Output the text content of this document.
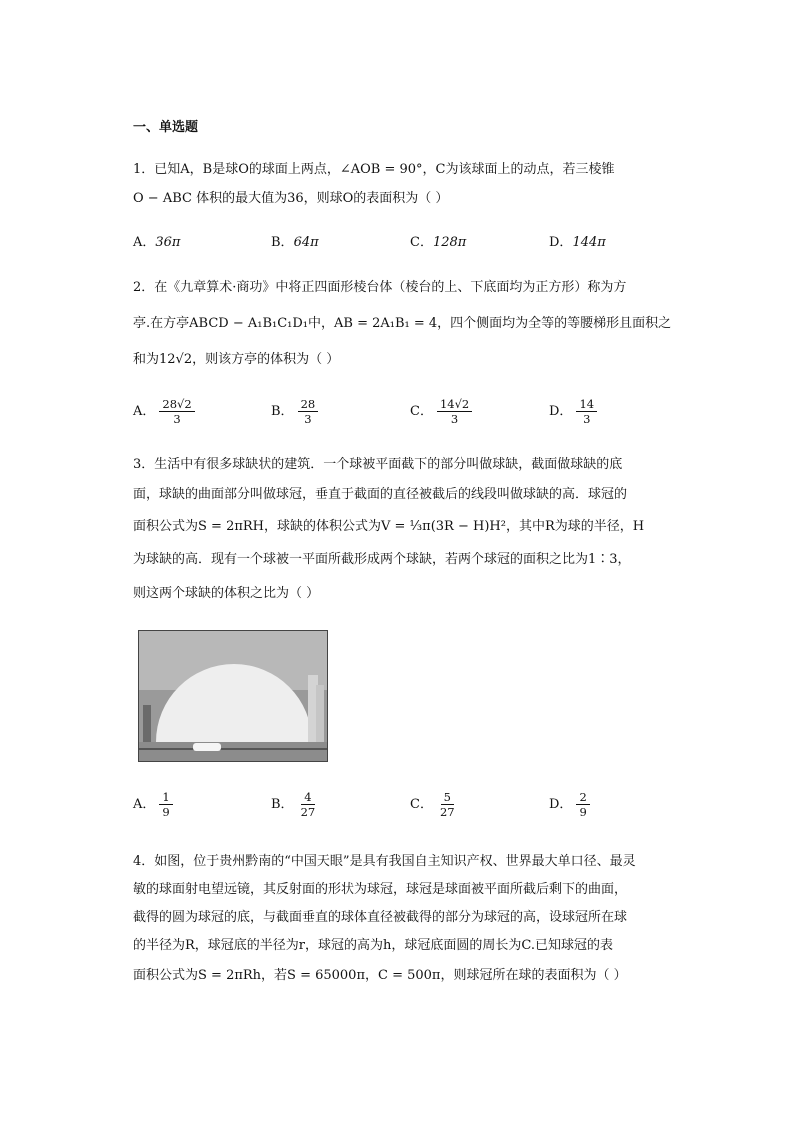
一、单选题
1．已知A，B是球O的球面上两点，∠AOB = 90°，C为该球面上的动点，若三棱锥
O − ABC 体积的最大值为36，则球O的表面积为（ ）
A．36π	B．64π	C．128π	D．144π
2．在《九章算术·商功》中将正四面形棱台体（棱台的上、下底面均为正方形）称为方
亭.在方亭ABCD − A₁B₁C₁D₁中，AB = 2A₁B₁ = 4，四个侧面均为全等的等腰梯形且面积之
和为12√2，则该方亭的体积为（ ）
A． $\frac{28√2}{3}$	B． $\frac{28}{3}$	C． $\frac{14√2}{3}$	D． $\frac{14}{3}$
3．生活中有很多球缺状的建筑．一个球被平面截下的部分叫做球缺，截面做球缺的底
面，球缺的曲面部分叫做球冠，垂直于截面的直径被截后的线段叫做球缺的高．球冠的
面积公式为S = 2πRH，球缺的体积公式为V = ⅓π(3R − H)H²，其中R为球的半径，H
为球缺的高．现有一个球被一平面所截形成两个球缺，若两个球冠的面积之比为1∶3，
则这两个球缺的体积之比为（ ）
A． $\frac{1}{9}$	B． $\frac{4}{27}$	C． $\frac{5}{27}$	D． $\frac{2}{9}$
4．如图，位于贵州黔南的“中国天眼”是具有我国自主知识产权、世界最大单口径、最灵
敏的球面射电望远镜，其反射面的形状为球冠，球冠是球面被平面所截后剩下的曲面，
截得的圆为球冠的底，与截面垂直的球体直径被截得的部分为球冠的高，设球冠所在球
的半径为R，球冠底的半径为r，球冠的高为h，球冠底面圆的周长为C.已知球冠的表
面积公式为S = 2πRh，若S = 65000π，C = 500π，则球冠所在球的表面积为（ ）
